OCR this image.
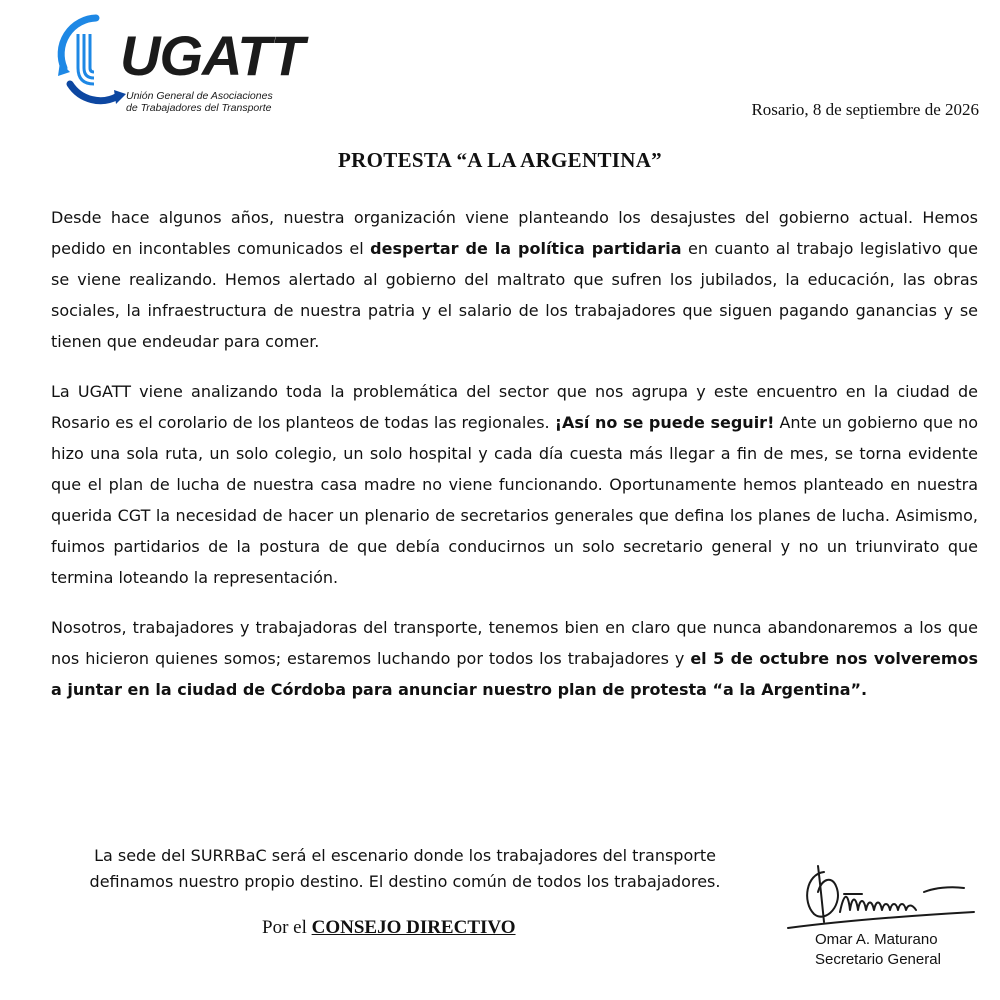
UGATT
Unión General de Asociaciones
de Trabajadores del Transporte	Rosario, 8 de septiembre de 2026
PROTESTA “A LA ARGENTINA”

Desde hace algunos años, nuestra organización viene planteando los desajustes del gobierno actual. Hemos pedido en incontables comunicados el despertar de la política partidaria en cuanto al trabajo legislativo que se viene realizando. Hemos alertado al gobierno del maltrato que sufren los jubilados, la educación, las obras sociales, la infraestructura de nuestra patria y el salario de los trabajadores que siguen pagando ganancias y se tienen que endeudar para comer.

La UGATT viene analizando toda la problemática del sector que nos agrupa y este encuentro en la ciudad de Rosario es el corolario de los planteos de todas las regionales. ¡Así no se puede seguir! Ante un gobierno que no hizo una sola ruta, un solo colegio, un solo hospital y cada día cuesta más llegar a fin de mes, se torna evidente que el plan de lucha de nuestra casa madre no viene funcionando. Oportunamente hemos planteado en nuestra querida CGT la necesidad de hacer un plenario de secretarios generales que defina los planes de lucha. Asimismo, fuimos partidarios de la postura de que debía conducirnos un solo secretario general y no un triunvirato que termina loteando la representación.

Nosotros, trabajadores y trabajadoras del transporte, tenemos bien en claro que nunca abandonaremos a los que nos hicieron quienes somos; estaremos luchando por todos los trabajadores y el 5 de octubre nos volveremos a juntar en la ciudad de Córdoba para anunciar nuestro plan de protesta “a la Argentina”.

La sede del SURRBaC será el escenario donde los trabajadores del transporte
definamos nuestro propio destino. El destino común de todos los trabajadores.
Por el CONSEJO DIRECTIVO
Omar A. Maturano
Secretario General
